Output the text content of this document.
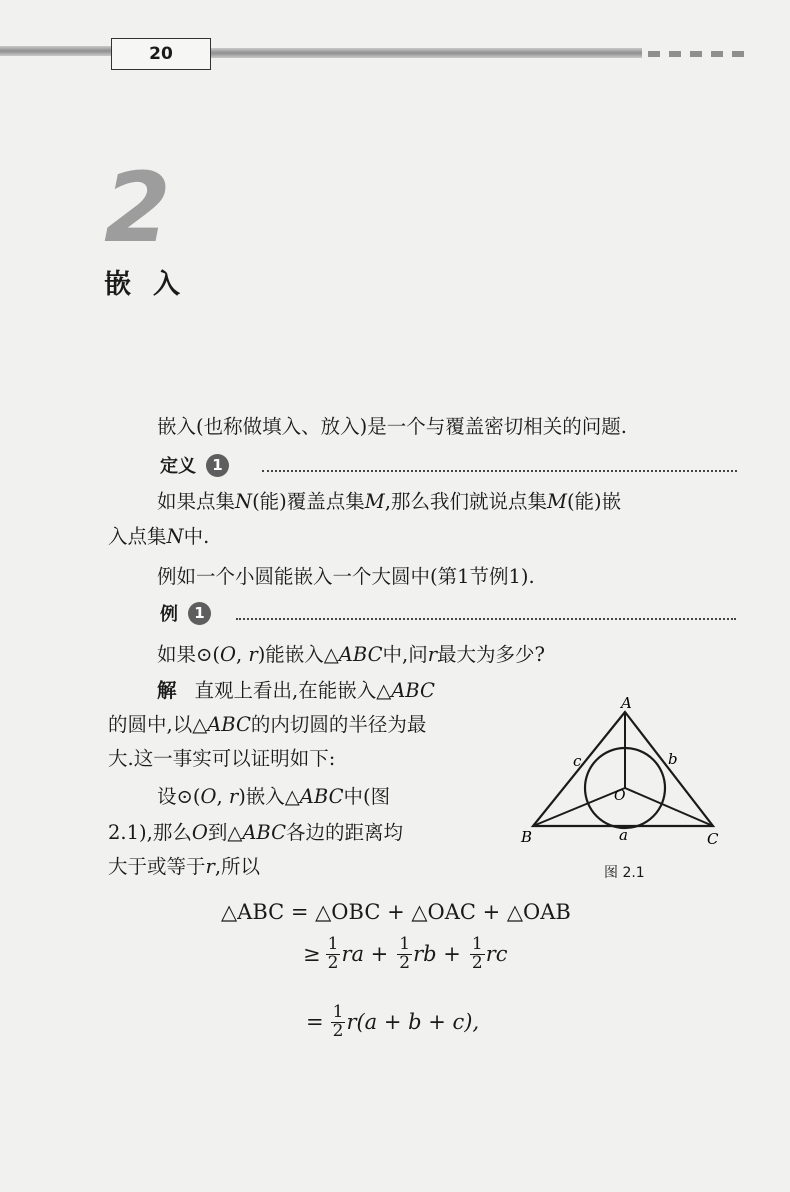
20
2
嵌入
嵌入(也称做填入、放入)是一个与覆盖密切相关的问题.
定义	1
如果点集N(能)覆盖点集M,那么我们就说点集M(能)嵌
入点集N中.
例如一个小圆能嵌入一个大圆中(第1节例1).
例	1
如果⊙(O, r)能嵌入△ABC中,问r最大为多少?
解 直观上看出,在能嵌入△ABC
的圆中,以△ABC的内切圆的半径为最
大.这一事实可以证明如下:
设⊙(O, r)嵌入△ABC中(图
2.1),那么O到△ABC各边的距离均
大于或等于r,所以
A
B	C
O
a
b
c
图 2.1
△ABC = △OBC + △OAC + △OAB
≥ $\frac{1}{2}$ ra + $\frac{1}{2}$ rb + $\frac{1}{2}$ rc
= $\frac{1}{2} r(a + b + c)$,
